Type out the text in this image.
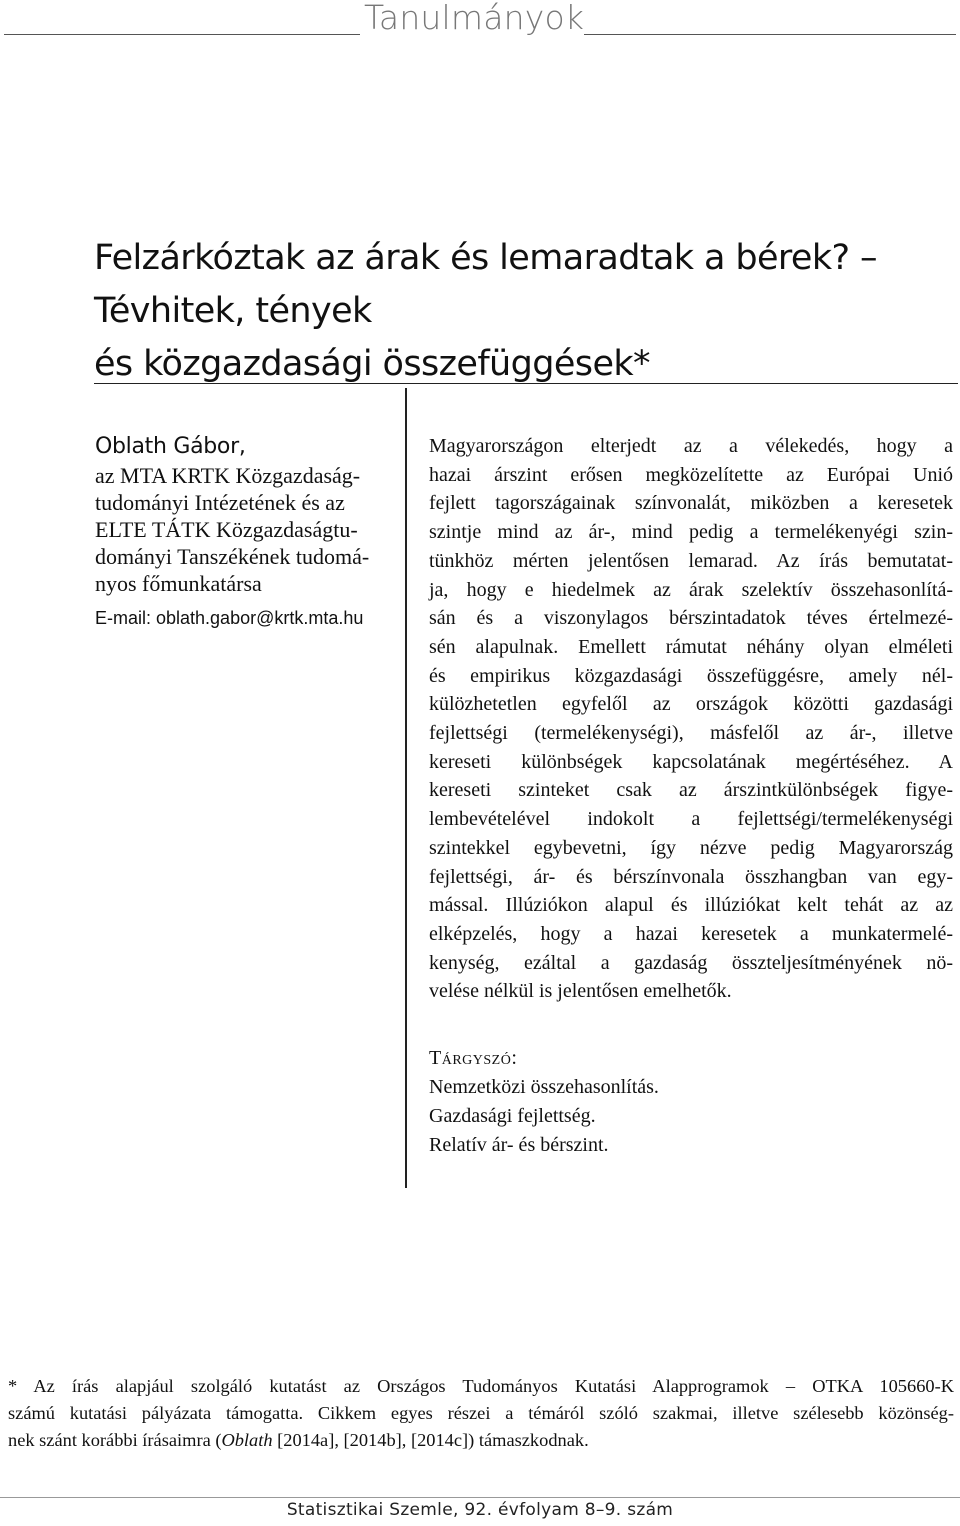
Tanulmányok
Felzárkóztak az árak és lemaradtak a bérek? –
Tévhitek, tények
és közgazdasági összefüggések*
Oblath Gábor,
az MTA KRTK Közgazdaság-
tudományi Intézetének és az
ELTE TÁTK Közgazdaságtu-
dományi Tanszékének tudomá-
nyos főmunkatársa
E-mail: oblath.gabor@krtk.mta.hu

Magyarországon elterjedt az a vélekedés, hogy a

hazai árszint erősen megközelítette az Európai Unió

fejlett tagországainak színvonalát, miközben a keresetek

szintje mind az ár-, mind pedig a termelékenyégi szin-

tünkhöz mérten jelentősen lemarad. Az írás bemutatat-

ja, hogy e hiedelmek az árak szelektív összehasonlítá-

sán és a viszonylagos bérszintadatok téves értelmezé-

sén alapulnak. Emellett rámutat néhány olyan elméleti

és empirikus közgazdasági összefüggésre, amely nél-

külözhetetlen egyfelől az országok közötti gazdasági

fejlettségi (termelékenységi), másfelől az ár-, illetve

kereseti különbségek kapcsolatának megértéséhez. A

kereseti szinteket csak az árszintkülönbségek figye-

lembevételével indokolt a fejlettségi/termelékenységi

szintekkel egybevetni, így nézve pedig Magyarország

fejlettségi, ár- és bérszínvonala összhangban van egy-

mással. Illúziókon alapul és illúziókat kelt tehát az az

elképzelés, hogy a hazai keresetek a munkatermelé-

kenység, ezáltal a gazdaság összteljesítményének nö-

velése nélkül is jelentősen emelhetők.

Tárgyszó:
Nemzetközi összehasonlítás.
Gazdasági fejlettség.
Relatív ár- és bérszint.
* Az írás alapjául szolgáló kutatást az Országos Tudományos Kutatási Alapprogramok – OTKA 105660-K
számú kutatási pályázata támogatta. Cikkem egyes részei a témáról szóló szakmai, illetve szélesebb közönség-
nek szánt korábbi írásaimra (Oblath [2014a], [2014b], [2014c]) támaszkodnak.
Statisztikai Szemle, 92. évfolyam 8–9. szám
